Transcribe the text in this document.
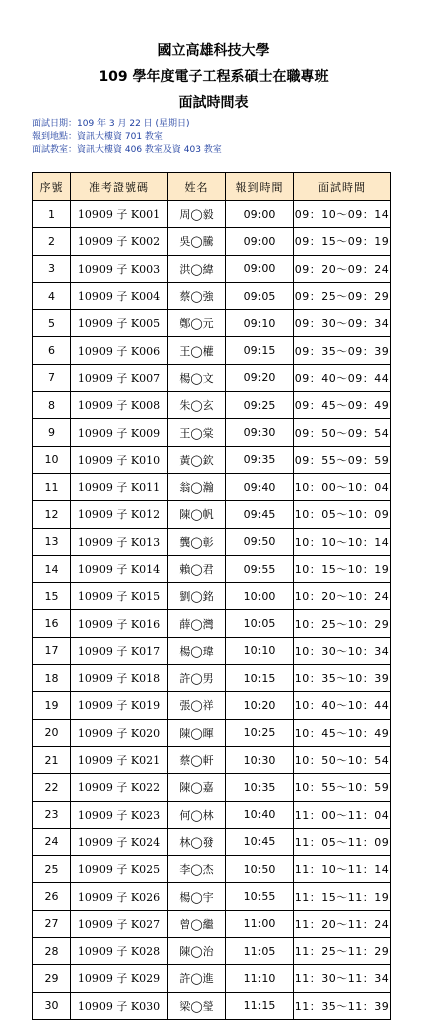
國立高雄科技大學
109 學年度電子工程系碩士在職專班
面試時間表
面試日期：109 年 3 月 22 日 (星期日)
報到地點：資訊大樓資 701 教室
面試教室：資訊大樓資 406 教室及資 403 教室
序號	准考證號碼	姓名	報到時間	面試時間
1	10909 子 K001	周◯毅	09:00	09：10～09：14
2	10909 子 K002	吳◯騰	09:00	09：15～09：19
3	10909 子 K003	洪◯緯	09:00	09：20～09：24
4	10909 子 K004	蔡◯強	09:05	09：25～09：29
5	10909 子 K005	鄭◯元	09:10	09：30～09：34
6	10909 子 K006	王◯權	09:15	09：35～09：39
7	10909 子 K007	楊◯文	09:20	09：40～09：44
8	10909 子 K008	朱◯玄	09:25	09：45～09：49
9	10909 子 K009	王◯棠	09:30	09：50～09：54
10	10909 子 K010	黃◯欽	09:35	09：55～09：59
11	10909 子 K011	翁◯瀚	09:40	10：00～10：04
12	10909 子 K012	陳◯帆	09:45	10：05～10：09
13	10909 子 K013	龔◯彰	09:50	10：10～10：14
14	10909 子 K014	賴◯君	09:55	10：15～10：19
15	10909 子 K015	劉◯銘	10:00	10：20～10：24
16	10909 子 K016	薛◯灣	10:05	10：25～10：29
17	10909 子 K017	楊◯瑋	10:10	10：30～10：34
18	10909 子 K018	許◯男	10:15	10：35～10：39
19	10909 子 K019	張◯祥	10:20	10：40～10：44
20	10909 子 K020	陳◯暉	10:25	10：45～10：49
21	10909 子 K021	蔡◯軒	10:30	10：50～10：54
22	10909 子 K022	陳◯嘉	10:35	10：55～10：59
23	10909 子 K023	何◯林	10:40	11：00～11：04
24	10909 子 K024	林◯發	10:45	11：05～11：09
25	10909 子 K025	李◯杰	10:50	11：10～11：14
26	10909 子 K026	楊◯宇	10:55	11：15～11：19
27	10909 子 K027	曾◯繼	11:00	11：20～11：24
28	10909 子 K028	陳◯治	11:05	11：25～11：29
29	10909 子 K029	許◯進	11:10	11：30～11：34
30	10909 子 K030	梁◯瑩	11:15	11：35～11：39
